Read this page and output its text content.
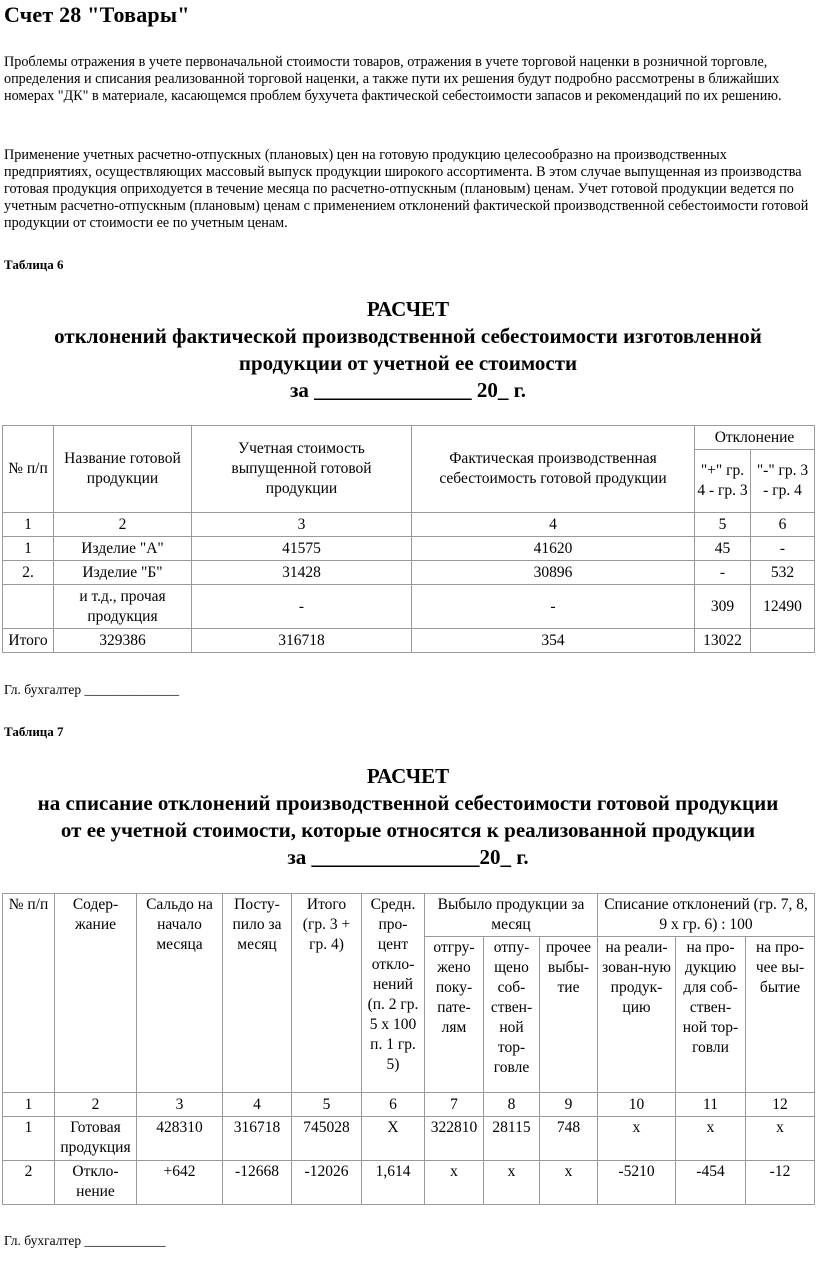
Счет 28 "Товары"

Проблемы отражения в учете первоначальной стоимости товаров, отражения в учете торговой наценки в розничной торговле, определения и списания реализованной торговой наценки, а также пути их решения будут подробно рассмотрены в ближайших номерах "ДК" в материале, касающемся проблем бухучета фактической себестоимости запасов и рекомендаций по их решению.

Применение учетных расчетно-отпускных (плановых) цен на готовую продукцию целесообразно на производственных предприятиях, осуществляющих массовый выпуск продукции широкого ассортимента. В этом случае выпущенная из производства готовая продукция оприходуется в течение месяца по расчетно-отпускным (плановым) ценам. Учет готовой продукции ведется по учетным расчетно-отпускным (плановым) ценам с применением отклонений фактической производственной себестоимости готовой продукции от стоимости ее по учетным ценам.

Таблица 6

РАСЧЕТ
отклонений фактической производственной себестоимости изготовленной
продукции от учетной ее стоимости
за _______________ 20_ г.
№ п/п	Название готовой продукции	Учетная стоимость выпущенной готовой продукции	Фактическая производственная себестоимость готовой продукции	Отклонение	
				"+" гр. 4 - гр. 3	"-" гр. 3 - гр. 4
1	2	3	4	5	6
1	Изделие "А"	41575	41620	45	-
2.	Изделие "Б"	31428	30896	-	532
	и т.д., прочая продукция	-	-	309	12490
Итого	329386	316718	354	13022	

Гл. бухгалтер ______________

Таблица 7

РАСЧЕТ
на списание отклонений производственной себестоимости готовой продукции
от ее учетной стоимости, которые относятся к реализованной продукции
за ________________20_ г.
№ п/п	Содер-жание	Сальдо на начало месяца	Посту-пило за месяц	Итого (гр. 3 + гр. 4)	Средн. про-цент откло-нений (п. 2 гр. 5 х 100 п. 1 гр. 5)	Выбыло продукции за месяц			Списание отклонений (гр. 7, 8, 9 х гр. 6) : 100		
						отгру-жено поку-пате-лям	отпу-щено соб-ствен-ной тор-говле	прочее выбы-тие	на реали-зован-ную продук-цию	на про-дукцию для соб-ствен-ной тор-говли	на про-чее вы-бытие
1	2	3	4	5	6	7	8	9	10	11	12
1	Готовая продукция	428310	316718	745028	X	322810	28115	748	x	x	x
2	Откло-нение	+642	-12668	-12026	1,614	x	x	x	-5210	-454	-12

Гл. бухгалтер ____________
